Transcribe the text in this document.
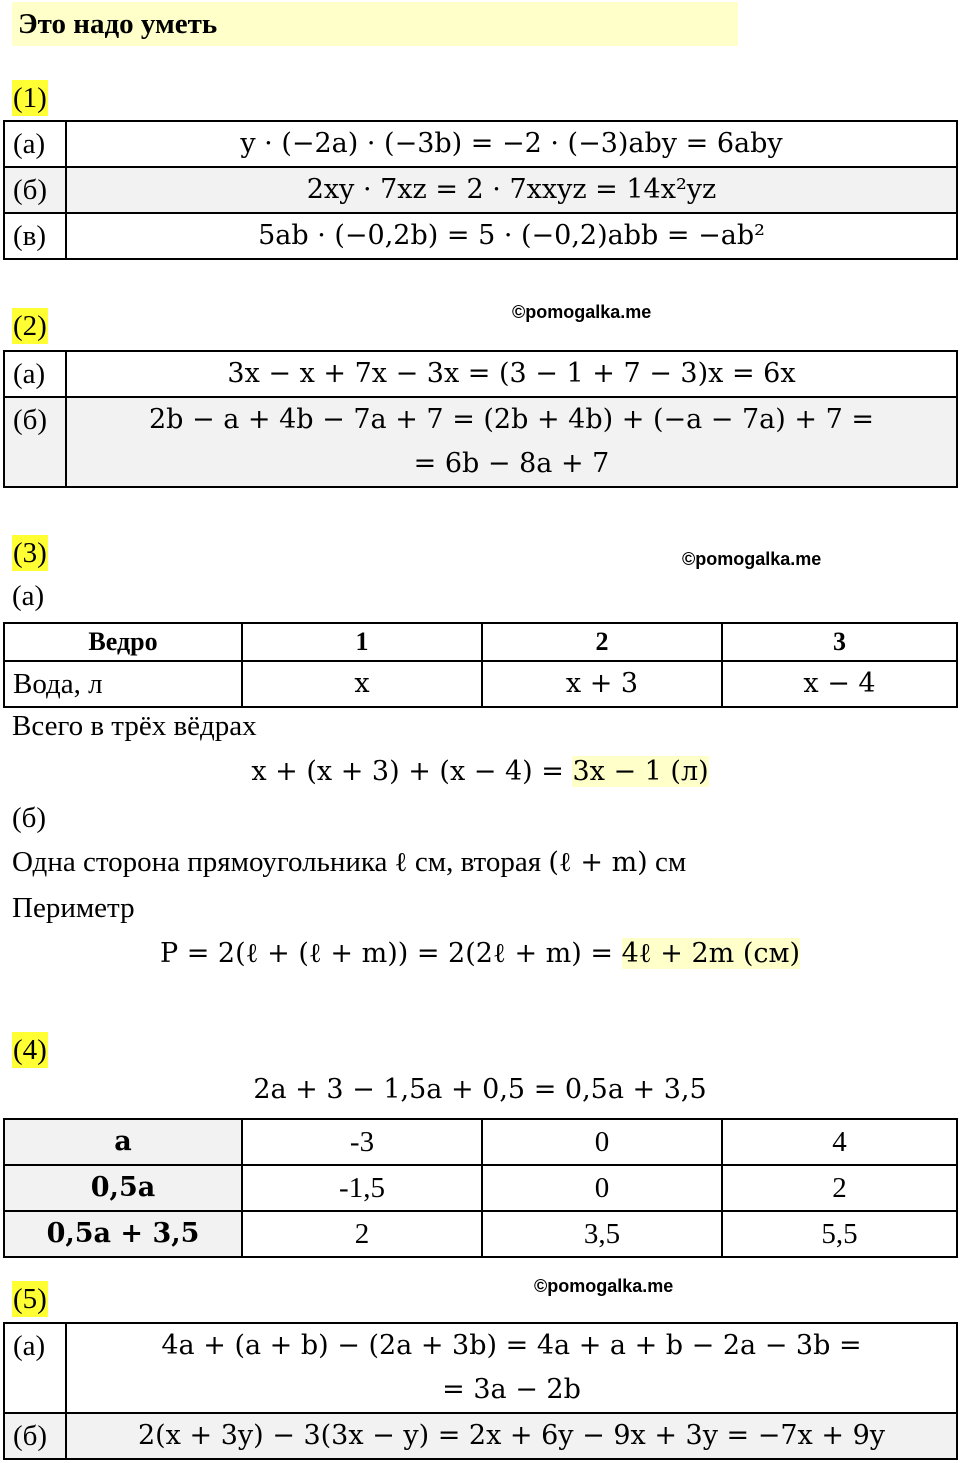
Это надо уметь
(1)
(а)	y · (−2a) · (−3b) = −2 · (−3)aby = 6aby
(б)	2xy · 7xz = 2 · 7xxyz = 14x²yz
(в)	5ab · (−0,2b) = 5 · (−0,2)abb = −ab²
(2)	©pomogalka.me
(а)	3x − x + 7x − 3x = (3 − 1 + 7 − 3)x = 6x
(б)	2b − a + 4b − 7a + 7 = (2b + 4b) + (−a − 7a) + 7 =
= 6b − 8a + 7
(3)	©pomogalka.me
(а)
Ведро	1	2	3
Вода, л	x	x + 3	x − 4
Всего в трёх вёдрах
x + (x + 3) + (x − 4) = 3x − 1 (л)
(б)
Одна сторона прямоугольника ℓ см, вторая (ℓ + m) см
Периметр
P = 2(ℓ + (ℓ + m)) = 2(2ℓ + m) = 4ℓ + 2m (см)
(4)
2a + 3 − 1,5a + 0,5 = 0,5a + 3,5
a	-3	0	4
0,5a	-1,5	0	2
0,5a + 3,5	2	3,5	5,5
(5)	©pomogalka.me
(а)	4a + (a + b) − (2a + 3b) = 4a + a + b − 2a − 3b =
= 3a − 2b

(б)	2(x + 3y) − 3(3x − y) = 2x + 6y − 9x + 3y = −7x + 9y
